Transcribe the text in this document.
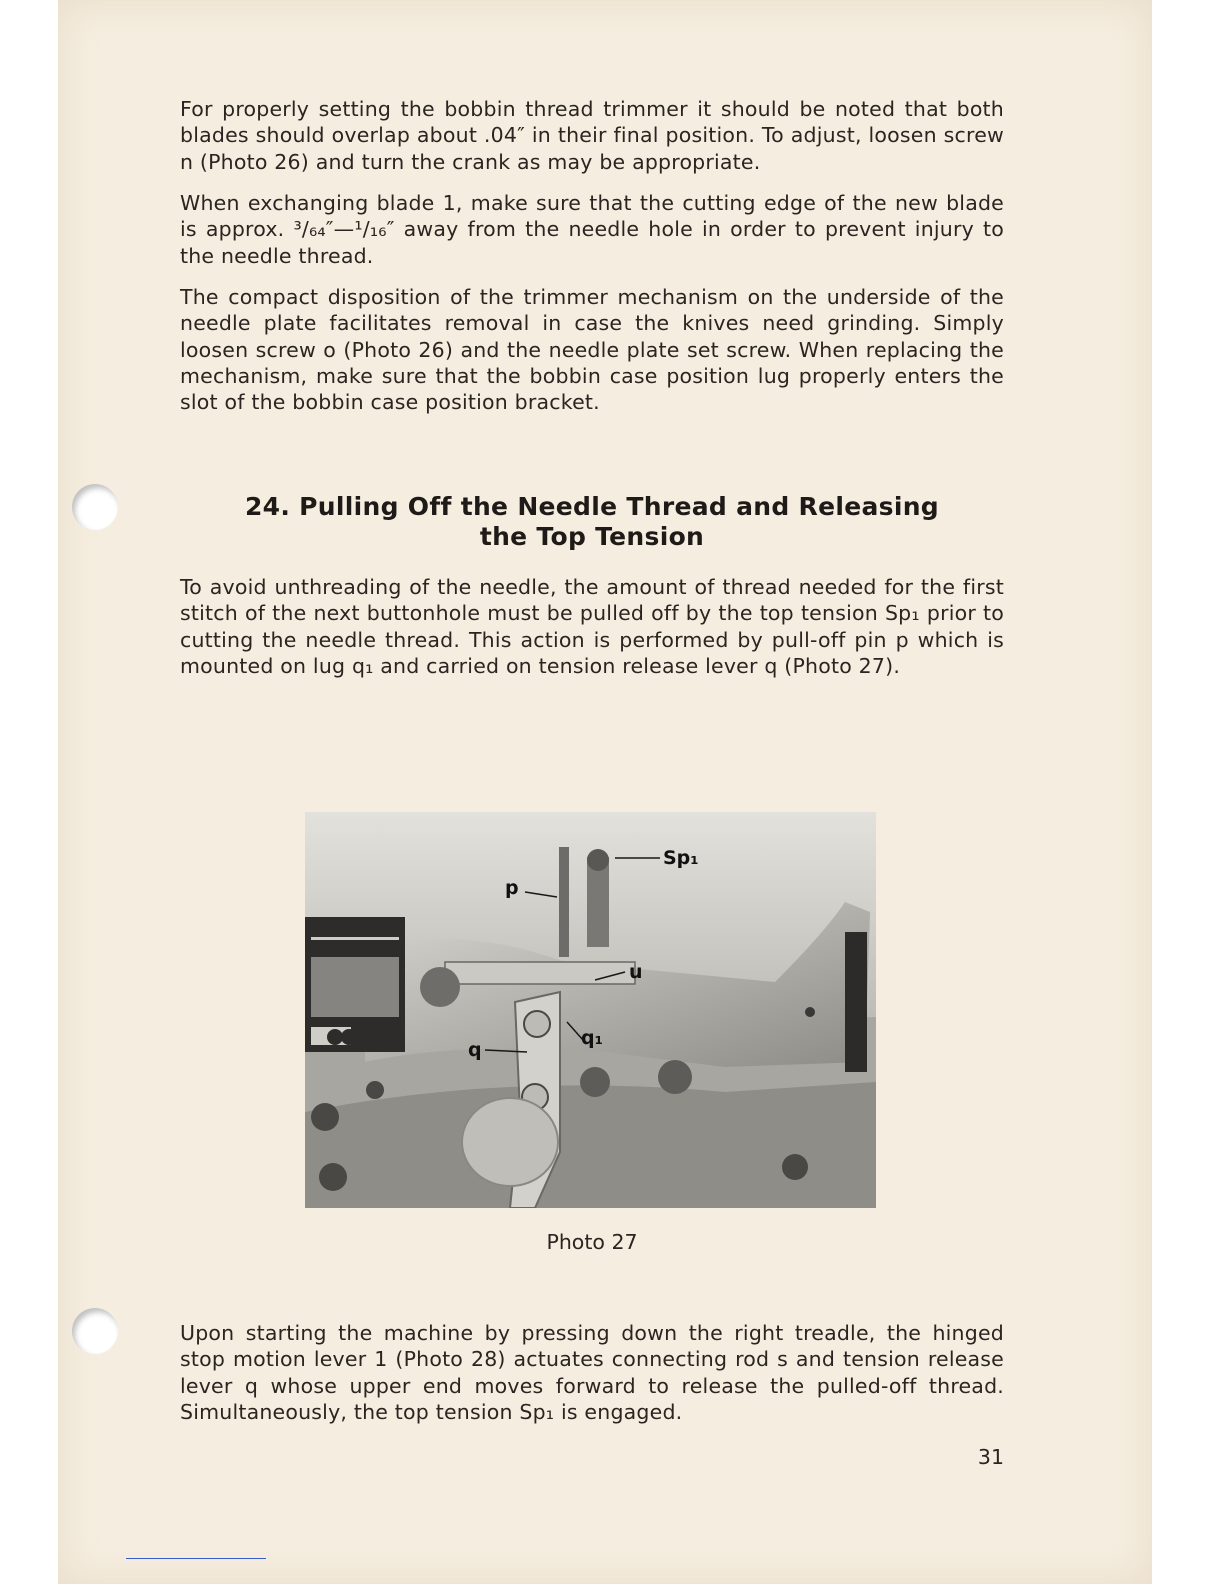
For properly setting the bobbin thread trimmer it should be noted that both blades should overlap about .04″ in their final position. To adjust, loosen screw n (Photo 26) and turn the crank as may be appropriate.

When exchanging blade 1, make sure that the cutting edge of the new blade is approx. ³/₆₄″—¹/₁₆″ away from the needle hole in order to prevent injury to the needle thread.

The compact disposition of the trimmer mechanism on the underside of the needle plate facilitates removal in case the knives need grinding. Simply loosen screw o (Photo 26) and the needle plate set screw. When replacing the mechanism, make sure that the bobbin case position lug properly enters the slot of the bobbin case position bracket.

24. Pulling Off the Needle Thread and Releasing
the Top Tension

To avoid unthreading of the needle, the amount of thread needed for the first stitch of the next buttonhole must be pulled off by the top tension Sp₁ prior to cutting the needle thread. This action is performed by pull-off pin p which is mounted on lug q₁ and carried on tension release lever q (Photo 27).

Sp₁
p
u
q
q₁

Photo 27

Upon starting the machine by pressing down the right treadle, the hinged stop motion lever 1 (Photo 28) actuates connecting rod s and tension release lever q whose upper end moves forward to release the pulled-off thread. Simultaneously, the top tension Sp₁ is engaged.

31
